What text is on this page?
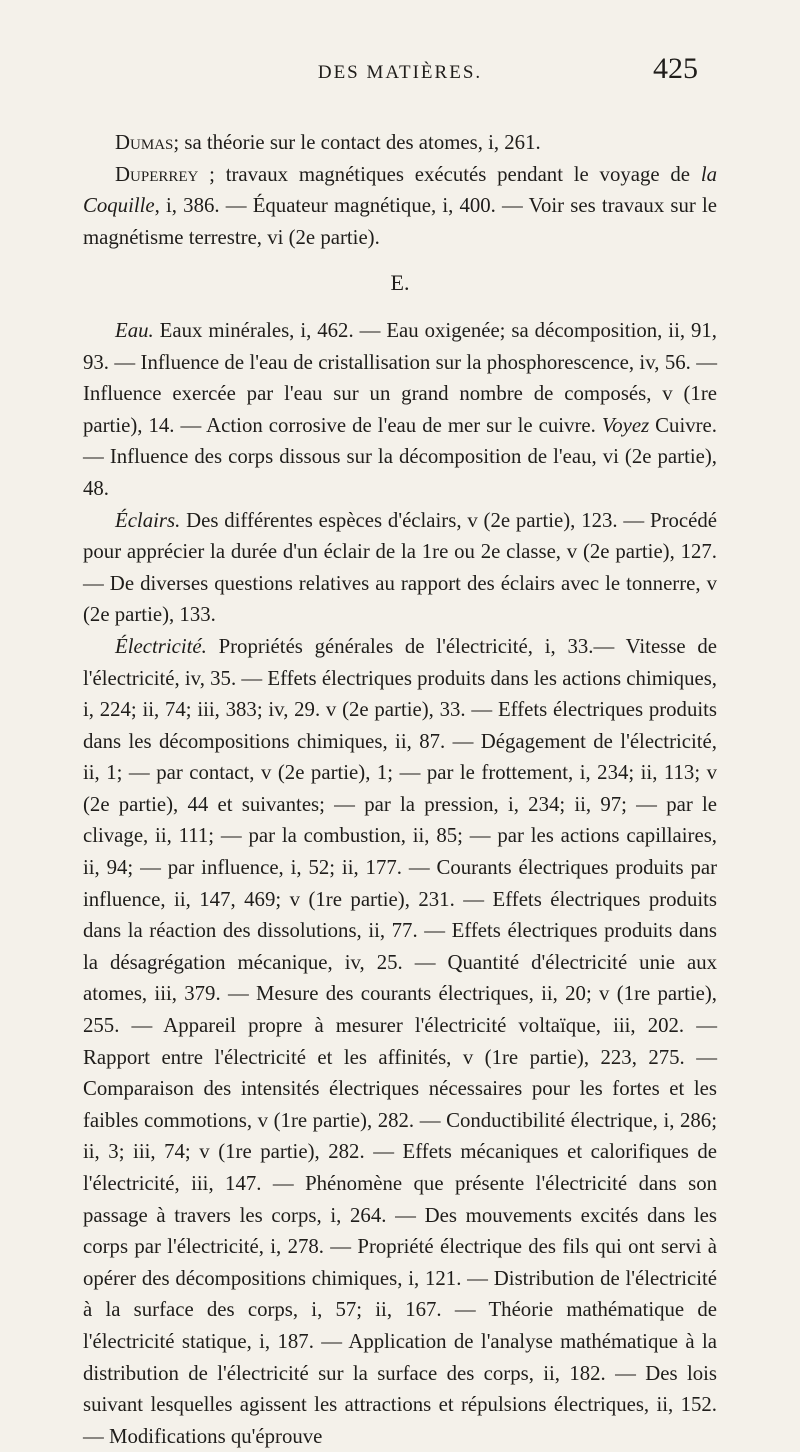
DES MATIÈRES.	425

Dumas; sa théorie sur le contact des atomes, i, 261.

Duperrey ; travaux magnétiques exécutés pendant le voyage de la Coquille, i, 386. — Équateur magnétique, i, 400. — Voir ses travaux sur le magnétisme terrestre, vi (2e partie).

E.

Eau. Eaux minérales, i, 462. — Eau oxigenée; sa décomposition, ii, 91, 93. — Influence de l'eau de cristallisation sur la phosphorescence, iv, 56. — Influence exercée par l'eau sur un grand nombre de composés, v (1re partie), 14. — Action corrosive de l'eau de mer sur le cuivre. Voyez Cuivre.— Influence des corps dissous sur la décomposition de l'eau, vi (2e partie), 48.

Éclairs. Des différentes espèces d'éclairs, v (2e partie), 123. — Procédé pour apprécier la durée d'un éclair de la 1re ou 2e classe, v (2e partie), 127. — De diverses questions relatives au rapport des éclairs avec le tonnerre, v (2e partie), 133.

Électricité. Propriétés générales de l'électricité, i, 33.— Vitesse de l'électricité, iv, 35. — Effets électriques produits dans les actions chimiques, i, 224; ii, 74; iii, 383; iv, 29. v (2e partie), 33. — Effets électriques produits dans les décompositions chimiques, ii, 87. — Dégagement de l'électricité, ii, 1; — par contact, v (2e partie), 1; — par le frottement, i, 234; ii, 113; v (2e partie), 44 et suivantes; — par la pression, i, 234; ii, 97; — par le clivage, ii, 111; — par la combustion, ii, 85; — par les actions capillaires, ii, 94; — par influence, i, 52; ii, 177. — Courants électriques produits par influence, ii, 147, 469; v (1re partie), 231. — Effets électriques produits dans la réaction des dissolutions, ii, 77. — Effets électriques produits dans la désagrégation mécanique, iv, 25. — Quantité d'électricité unie aux atomes, iii, 379. — Mesure des courants électriques, ii, 20; v (1re partie), 255. — Appareil propre à mesurer l'électricité voltaïque, iii, 202. — Rapport entre l'électricité et les affinités, v (1re partie), 223, 275. — Comparaison des intensités électriques nécessaires pour les fortes et les faibles commotions, v (1re partie), 282. — Conductibilité électrique, i, 286; ii, 3; iii, 74; v (1re partie), 282. — Effets mécaniques et calorifiques de l'électricité, iii, 147. — Phénomène que présente l'électricité dans son passage à travers les corps, i, 264. — Des mouvements excités dans les corps par l'électricité, i, 278. — Propriété électrique des fils qui ont servi à opérer des décompositions chimiques, i, 121. — Distribution de l'électricité à la surface des corps, i, 57; ii, 167. — Théorie mathématique de l'électricité statique, i, 187. — Application de l'analyse mathématique à la distribution de l'électricité sur la surface des corps, ii, 182. — Des lois suivant lesquelles agissent les attractions et répulsions électriques, ii, 152. — Modifications qu'éprouve
